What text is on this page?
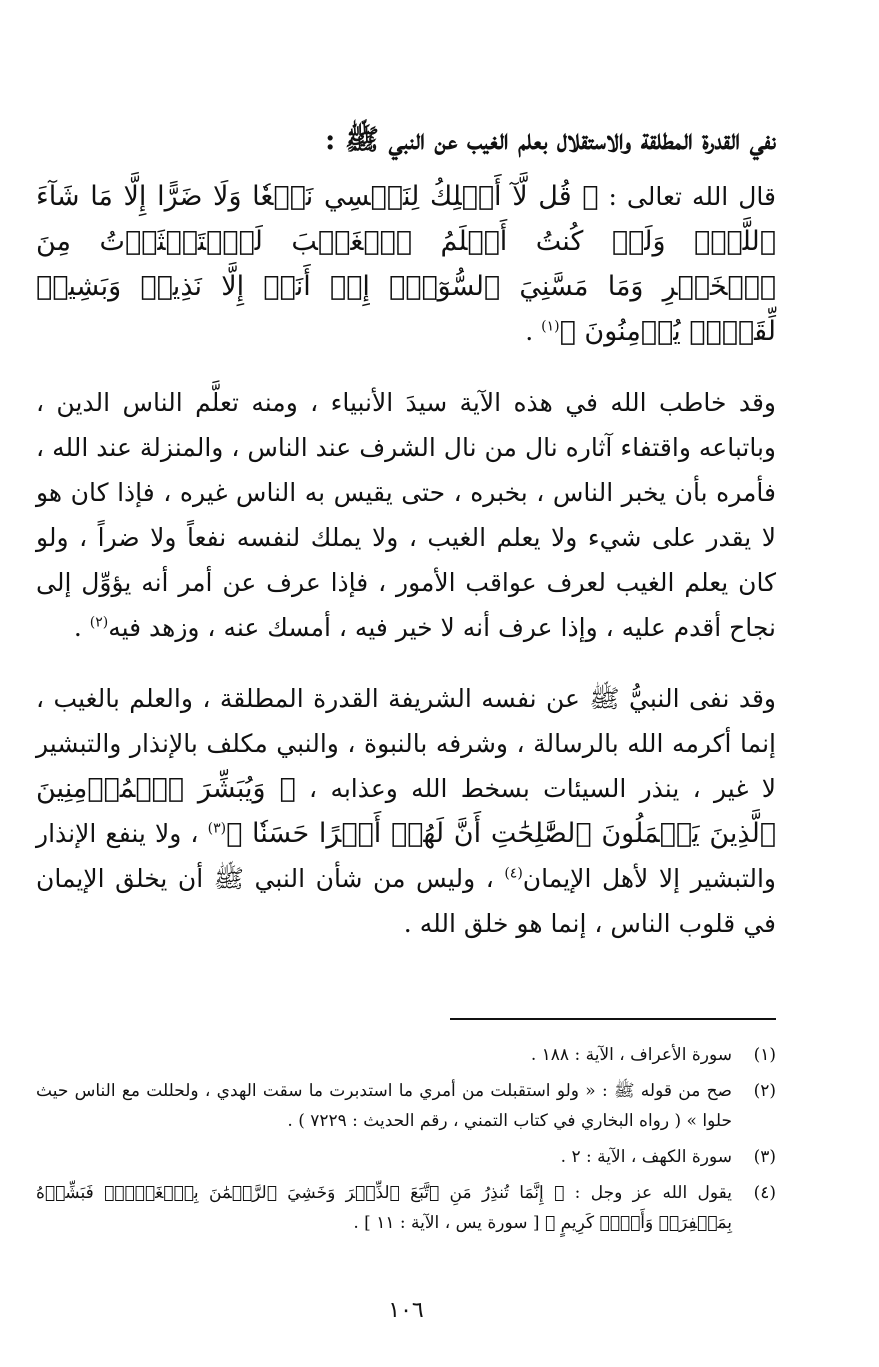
نفي القدرة المطلقة والاستقلال بعلم الغيب عن النبي ﷺ :

قال الله تعالى : ﴿ قُل لَّآ أَمۡلِكُ لِنَفۡسِي نَفۡعٗا وَلَا ضَرًّا إِلَّا مَا شَآءَ ٱللَّهُۚ وَلَوۡ كُنتُ أَعۡلَمُ ٱلۡغَيۡبَ لَٱسۡتَكۡثَرۡتُ مِنَ ٱلۡخَيۡرِ وَمَا مَسَّنِيَ ٱلسُّوٓءُۚ إِنۡ أَنَا۠ إِلَّا نَذِيرٞ وَبَشِيرٞ لِّقَوۡمٖ يُؤۡمِنُونَ ﴾$^{(١)}$ .

وقد خاطب الله في هذه الآية سيدَ الأنبياء ، ومنه تعلَّم الناس الدين ، وباتباعه واقتفاء آثاره نال من نال الشرف عند الناس ، والمنزلة عند الله ، فأمره بأن يخبر الناس ، بخبره ، حتى يقيس به الناس غيره ، فإذا كان هو لا يقدر على شيء ولا يعلم الغيب ، ولا يملك لنفسه نفعاً ولا ضراً ، ولو كان يعلم الغيب لعرف عواقب الأمور ، فإذا عرف عن أمر أنه يؤوِّل إلى نجاح أقدم عليه ، وإذا عرف أنه لا خير فيه ، أمسك عنه ، وزهد فيه$^{(٢)}$ .

وقد نفى النبيُّ ﷺ عن نفسه الشريفة القدرة المطلقة ، والعلم بالغيب ، إنما أكرمه الله بالرسالة ، وشرفه بالنبوة ، والنبي مكلف بالإنذار والتبشير لا غير ، ينذر السيئات بسخط الله وعذابه ، ﴿ وَيُبَشِّرَ ٱلۡمُؤۡمِنِينَ ٱلَّذِينَ يَعۡمَلُونَ ٱلصَّٰلِحَٰتِ أَنَّ لَهُمۡ أَجۡرًا حَسَنٗا ﴾$^{(٣)}$ ، ولا ينفع الإنذار والتبشير إلا لأهل الإيمان$^{(٤)}$ ، وليس من شأن النبي ﷺ أن يخلق الإيمان في قلوب الناس ، إنما هو خلق الله .

(١)
سورة الأعراف ، الآية : ١٨٨ .
(٢)
صح من قوله ﷺ : « ولو استقبلت من أمري ما استدبرت ما سقت الهدي ، ولحللت مع الناس حيث حلوا » ( رواه البخاري في كتاب التمني ، رقم الحديث : ٧٢٢٩ ) .
(٣)
سورة الكهف ، الآية : ٢ .
(٤)
يقول الله عز وجل : ﴿ إِنَّمَا تُنذِرُ مَنِ ٱتَّبَعَ ٱلذِّكۡرَ وَخَشِيَ ٱلرَّحۡمَٰنَ بِٱلۡغَيۡبِۖ فَبَشِّرۡهُ بِمَغۡفِرَةٖ وَأَجۡرٖ كَرِيمٍ ﴾ [ سورة يس ، الآية : ١١ ] .
١٠٦
